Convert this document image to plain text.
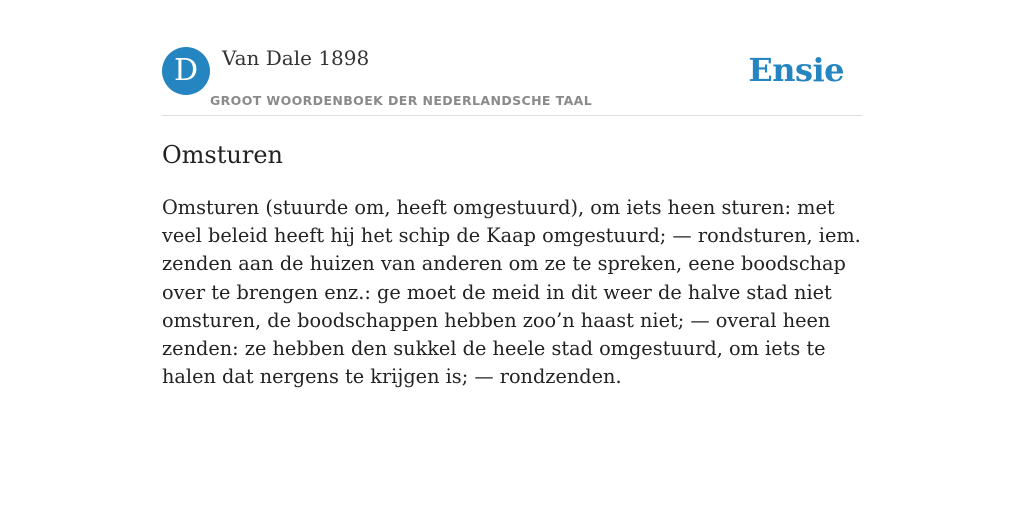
D	Van Dale 1898
GROOT WOORDENBOEK DER NEDERLANDSCHE TAAL
Ensie
Omsturen

Omsturen (stuurde om, heeft omgestuurd), om iets heen sturen: met veel beleid heeft hij het schip de Kaap omgestuurd; — rondsturen, iem. zenden aan de huizen van anderen om ze te spreken, eene boodschap over te brengen enz.: ge moet de meid in dit weer de halve stad niet omsturen, de boodschappen hebben zoo’n haast niet; — overal heen zenden: ze hebben den sukkel de heele stad omgestuurd, om iets te halen dat nergens te krijgen is; — rondzenden.
